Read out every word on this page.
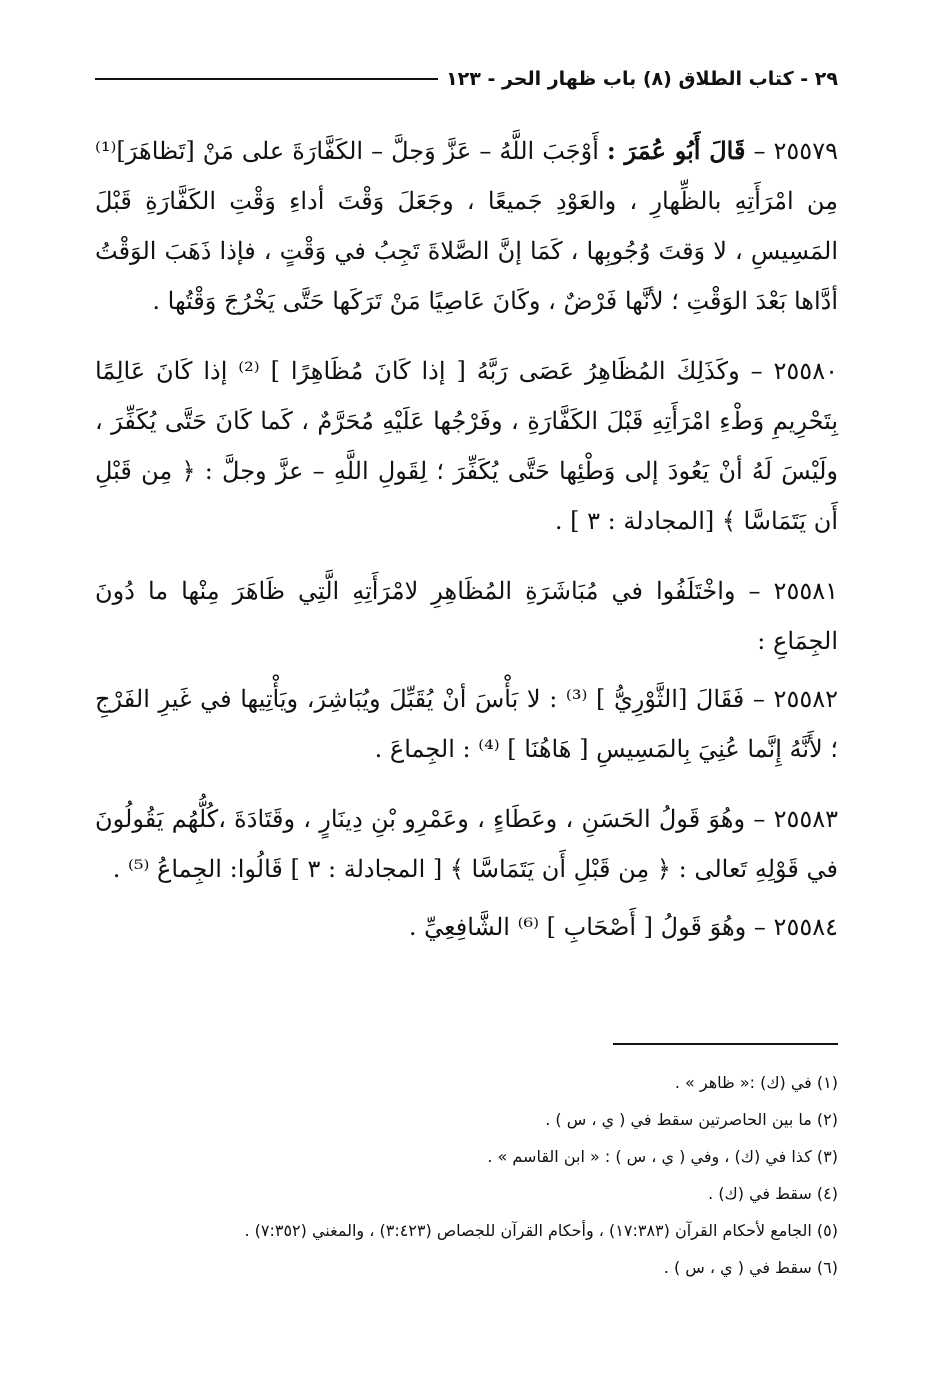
٢٩ - كتاب الطلاق (٨) باب ظهار الحر - ١٢٣

٢٥٥٧٩ – قَالَ أَبُو عُمَرَ : أَوْجَبَ اللَّهُ – عَزَّ وَجلَّ – الكَفَّارَةَ على مَنْ [تَظاهَرَ]⁽¹⁾ مِن امْرَأَتِهِ بالظِّهارِ ، والعَوْدِ جَميعًا ، وجَعَلَ وَقْتَ أداءِ وَقْتِ الكَفَّارَةِ قَبْلَ المَسِيسِ ، لا وَقتَ وُجُوبِها ، كَمَا إنَّ الصَّلاةَ تَجِبُ في وَقْتٍ ، فإذا ذَهَبَ الوَقْتُ أدَّاها بَعْدَ الوَقْتِ ؛ لأنَّها فَرْضٌ ، وكَانَ عَاصِيًا مَنْ تَرَكَها حَتَّى يَخْرُجَ وَقْتُها .

٢٥٥٨٠ – وكَذَلِكَ المُظَاهِرُ عَصَى رَبَّهُ [ إذا كَانَ مُظَاهِرًا ] ⁽²⁾ إذا كَانَ عَالِمًا بِتَحْرِيمِ وَطْءِ امْرَأَتِهِ قَبْلَ الكَفَّارَةِ ، وفَرْجُها عَلَيْهِ مُحَرَّمٌ ، كَما كَانَ حَتَّى يُكَفِّرَ ، ولَيْسَ لَهُ أنْ يَعُودَ إلى وَطْئِها حَتَّى يُكَفِّرَ ؛ لِقَولِ اللَّهِ – عزَّ وجلَّ : ﴿ مِن قَبْلِ أَن يَتَمَاسَّا ﴾ [المجادلة : ٣ ] .

٢٥٥٨١ – واخْتَلَفُوا في مُبَاشَرَةِ المُظَاهِرِ لامْرَأَتِهِ الَّتِي ظَاهَرَ مِنْها ما دُونَ الجِمَاعِ :

٢٥٥٨٢ – فَقَالَ [الثَّوْرِيُّ ] ⁽³⁾ : لا بَأْسَ أنْ يُقَبِّلَ ويُبَاشِرَ، ويَأْتِيها في غَيرِ الفَرْجِ ؛ لأَنَّهُ إِنَّما عُنِيَ بِالمَسِيسِ [ هَاهُنَا ] ⁽⁴⁾ : الجِماعَ .

٢٥٥٨٣ – وهُوَ قَولُ الحَسَنِ ، وعَطَاءٍ ، وعَمْرِو بْنِ دِينَارٍ ، وقَتَادَةَ ،كُلُّهُم يَقُولُونَ في قَوْلِهِ تَعالى : ﴿ مِن قَبْلِ أَن يَتَمَاسَّا ﴾ [ المجادلة : ٣ ] قَالُوا: الجِماعُ ⁽⁵⁾ .

٢٥٥٨٤ – وهُوَ قَولُ [ أَصْحَابِ ] ⁽⁶⁾ الشَّافِعِيِّ .

(١) في (ك) :« ظاهر » .
(٢) ما بين الحاصرتين سقط في ( ي ، س ) .
(٣) كذا في (ك) ، وفي ( ي ، س ) : « ابن القاسم » .
(٤) سقط في (ك) .
(٥) الجامع لأحكام القرآن (١٧:٣٨٣) ، وأحكام القرآن للجصاص (٣:٤٢٣) ، والمغني (٧:٣٥٢) .
(٦) سقط في ( ي ، س ) .
